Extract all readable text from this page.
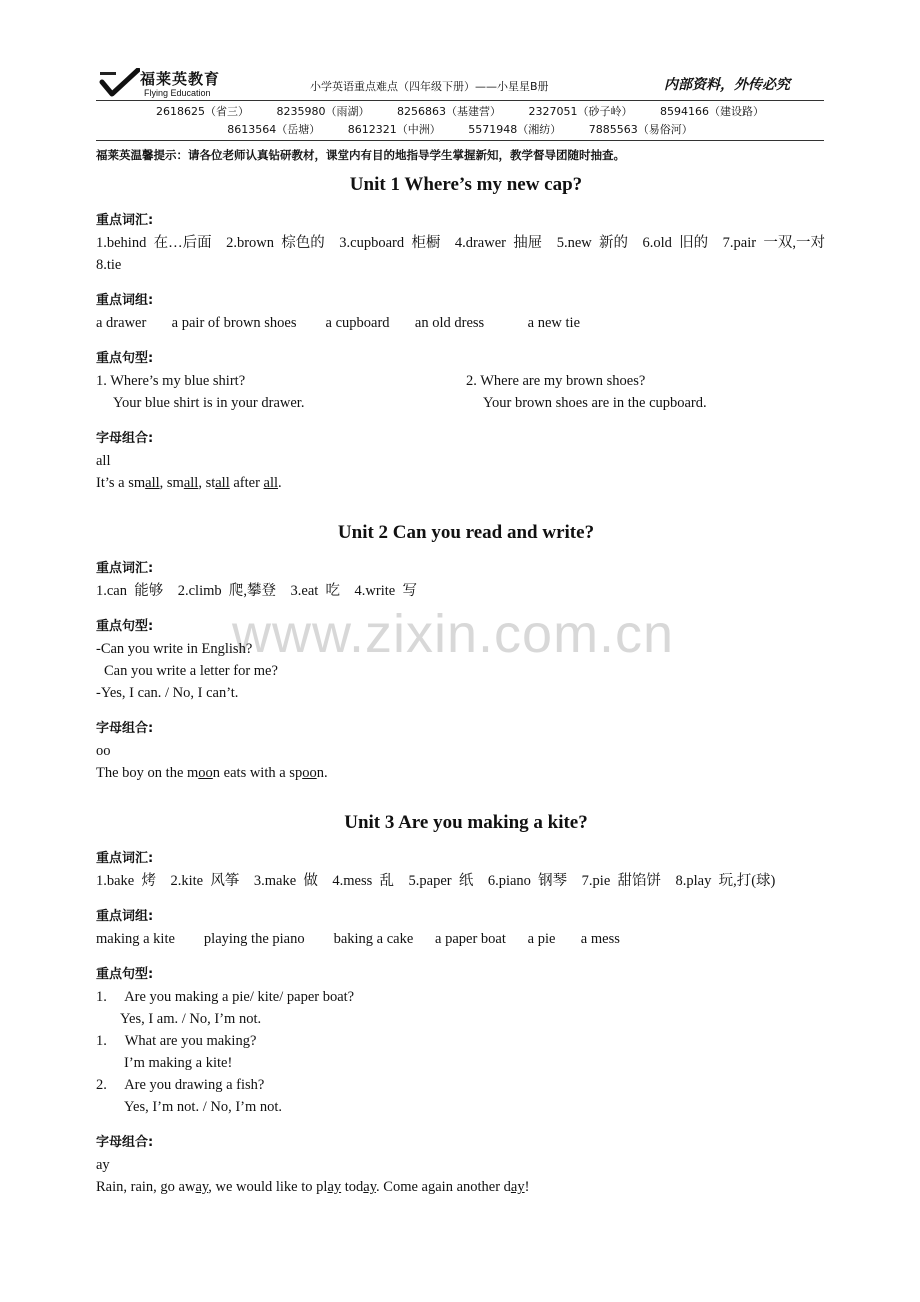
福莱英教育
Flying Education	小学英语重点难点（四年级下册）——小星星B册	内部资料，外传必究
2618625（省三）	8235980（雨湖）	8256863（基建营）	2327051（砂子岭）	8594166（建设路）
8613564（岳塘）	8612321（中洲）	5571948（湘纺）	7885563（易俗河）
福莱英温馨提示：请各位老师认真钻研教材，课堂内有目的地指导学生掌握新知，教学督导团随时抽查。
www.zixin.com.cn
Unit 1 Where’s my new cap?

重点词汇:

1.behind  在…后面    2.brown  棕色的    3.cupboard  柜橱    4.drawer  抽屉    5.new  新的    6.old  旧的    7.pair  一双,一对    8.tie

重点词组:

a drawer       a pair of brown shoes        a cupboard       an old dress            a new tie

重点句型:

1. Where’s my blue shirt?

Your blue shirt is in your drawer.

2. Where are my brown shoes?

Your brown shoes are in the cupboard.

字母组合:

all

It’s a small, small, stall after all.

Unit 2 Can you read and write?

重点词汇:

1.can  能够    2.climb  爬,攀登    3.eat  吃    4.write  写

重点句型:

-Can you write in English?

Can you write a letter for me?

-Yes, I can. / No, I can’t.

字母组合:

oo

The boy on the moon eats with a spoon.

Unit 3 Are you making a kite?

重点词汇:

1.bake  烤    2.kite  风筝    3.make  做    4.mess  乱    5.paper  纸    6.piano  钢琴    7.pie  甜馅饼    8.play  玩,打(球)

重点词组:

making a kite        playing the piano        baking a cake      a paper boat      a pie       a mess

重点句型:

1.     Are you making a pie/ kite/ paper boat?

Yes, I am. / No, I’m not.

1.     What are you making?

I’m making a kite!

2.     Are you drawing a fish?

Yes, I’m not. / No, I’m not.

字母组合:

ay

Rain, rain, go away, we would like to play today. Come again another day!
